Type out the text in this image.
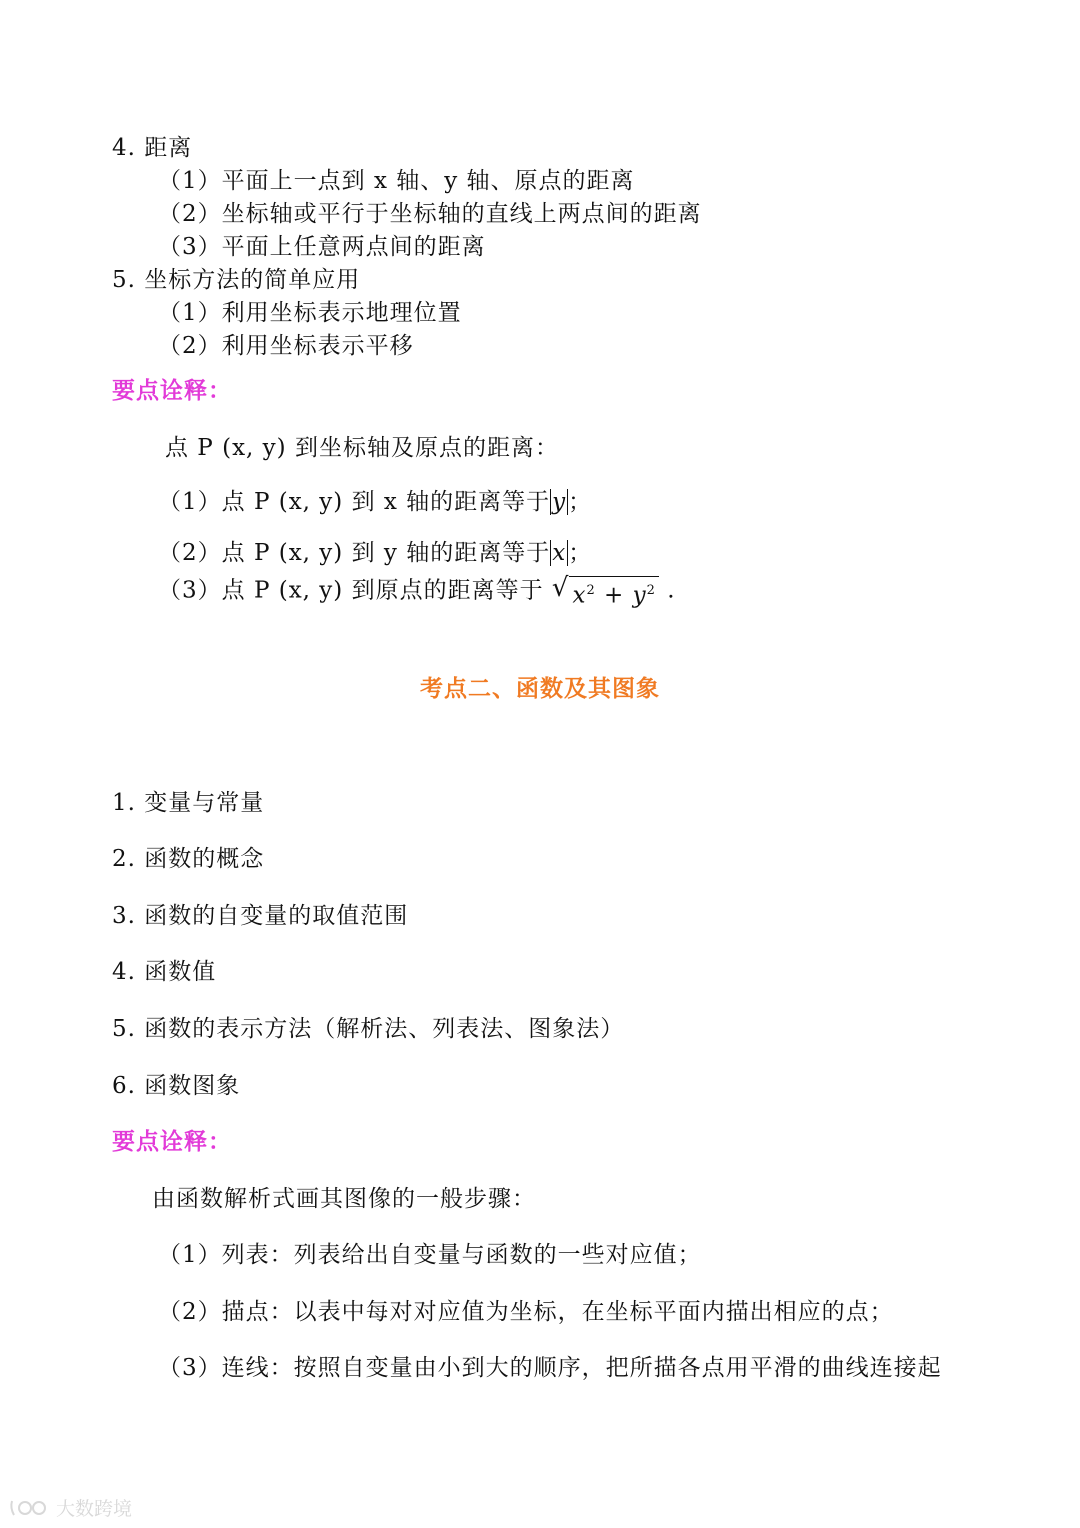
4. 距离
（1）平面上一点到 x 轴、y 轴、原点的距离
（2）坐标轴或平行于坐标轴的直线上两点间的距离
（3）平面上任意两点间的距离
5. 坐标方法的简单应用
（1）利用坐标表示地理位置
（2）利用坐标表示平移
要点诠释：
点 P (x, y) 到坐标轴及原点的距离：
（1）点 P (x, y) 到 x 轴的距离等于y；
（2）点 P (x, y) 到 y 轴的距离等于x；
（3）点 P (x, y) 到原点的距离等于 √ $x^2 + y^2$ .
考点二、函数及其图象
1. 变量与常量
2. 函数的概念
3. 函数的自变量的取值范围
4. 函数值
5. 函数的表示方法（解析法、列表法、图象法）
6. 函数图象
要点诠释：
由函数解析式画其图像的一般步骤：
（1）列表：列表给出自变量与函数的一些对应值；
（2）描点：以表中每对对应值为坐标，在坐标平面内描出相应的点；
（3）连线：按照自变量由小到大的顺序，把所描各点用平滑的曲线连接起
大数跨境
